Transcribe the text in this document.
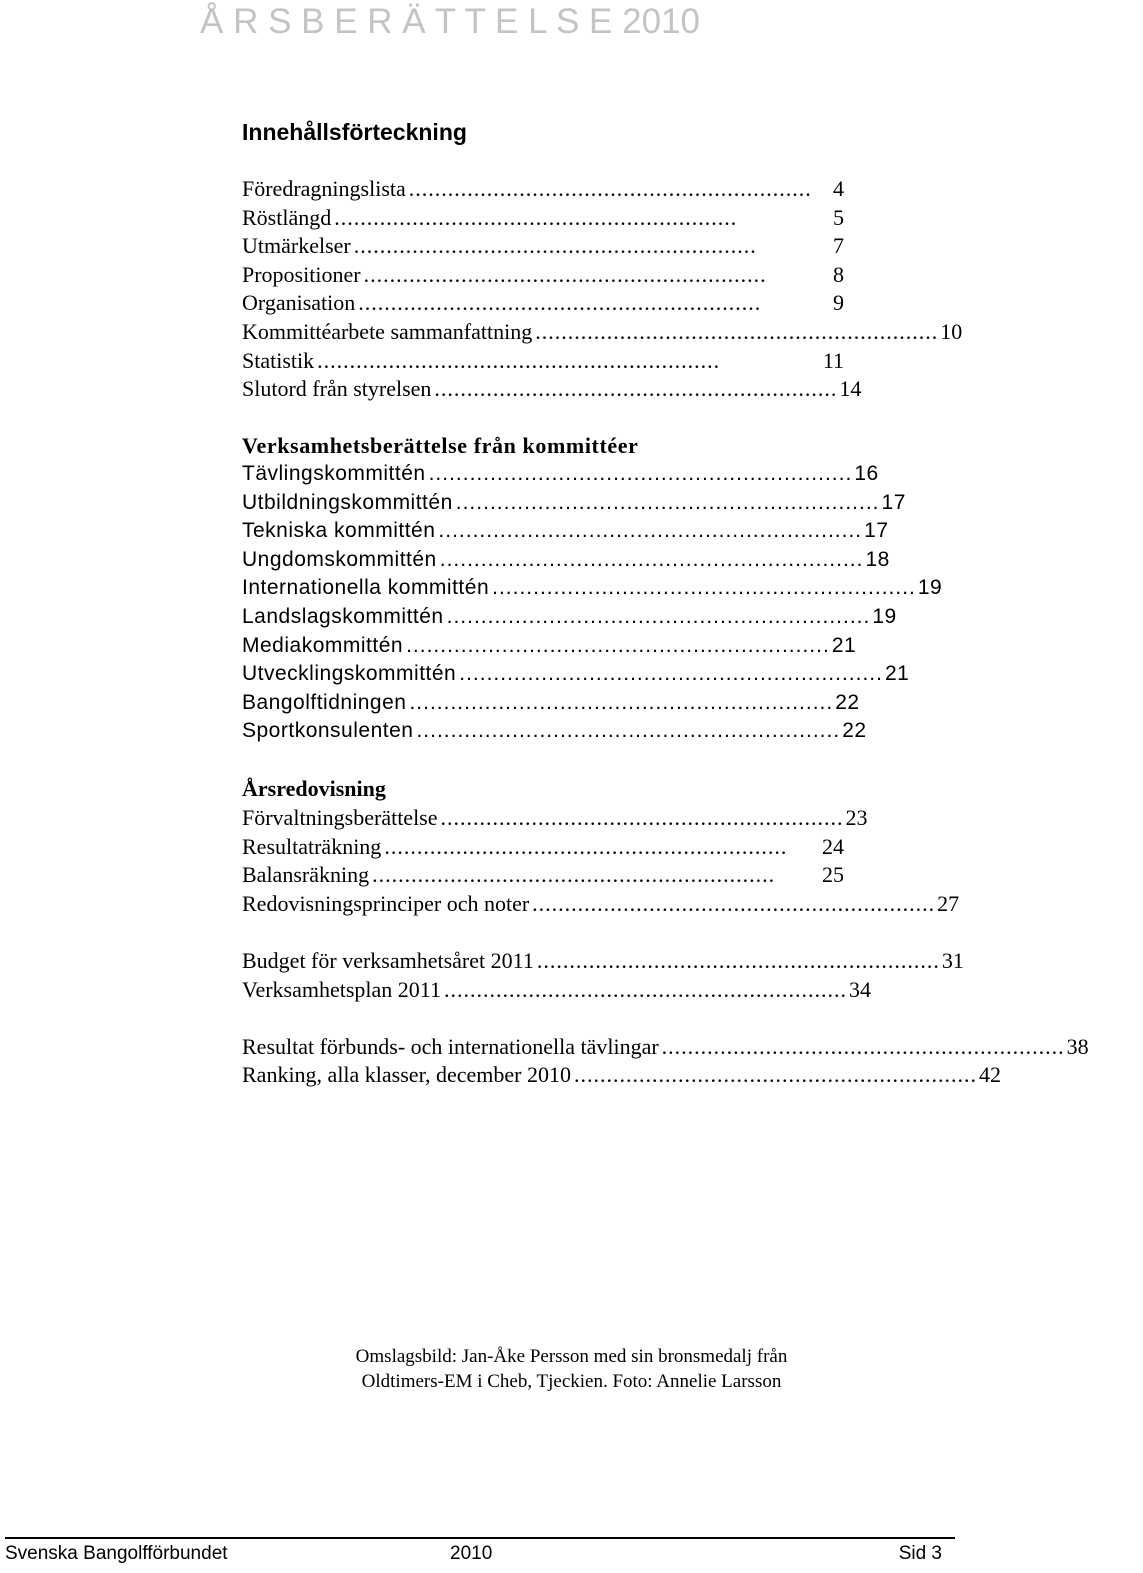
Å R S B E R Ä T T E L S E 2010
Innehållsförteckning
Föredragningslista .............................................................. 4
Röstlängd ..............................................................	5
Utmärkelser ..............................................................	7
Propositioner ..............................................................	8
Organisation ..............................................................	9
Kommittéarbete sammanfattning .............................................................. 10
Statistik ..............................................................	11
Slutord från styrelsen .............................................................. 14
Verksamhetsberättelse från kommittéer
Tävlingskommittén .............................................................. 16
Utbildningskommittén .............................................................. 17
Tekniska kommittén .............................................................. 17
Ungdomskommittén .............................................................. 18
Internationella kommittén .............................................................. 19
Landslagskommittén .............................................................. 19
Mediakommittén .............................................................. 21
Utvecklingskommittén .............................................................. 21
Bangolftidningen .............................................................. 22
Sportkonsulenten .............................................................. 22
Årsredovisning
Förvaltningsberättelse .............................................................. 23
Resultaträkning ..............................................................	24
Balansräkning ..............................................................	25
Redovisningsprinciper och noter .............................................................. 27
Budget för verksamhetsåret 2011 .............................................................. 31
Verksamhetsplan 2011 .............................................................. 34
Resultat förbunds- och internationella tävlingar .............................................................. 38
Ranking, alla klasser, december 2010 .............................................................. 42
Omslagsbild: Jan-Åke Persson med sin bronsmedalj från
Oldtimers-EM i Cheb, Tjeckien. Foto: Annelie Larsson
Svenska Bangolfförbundet	2010	Sid 3
